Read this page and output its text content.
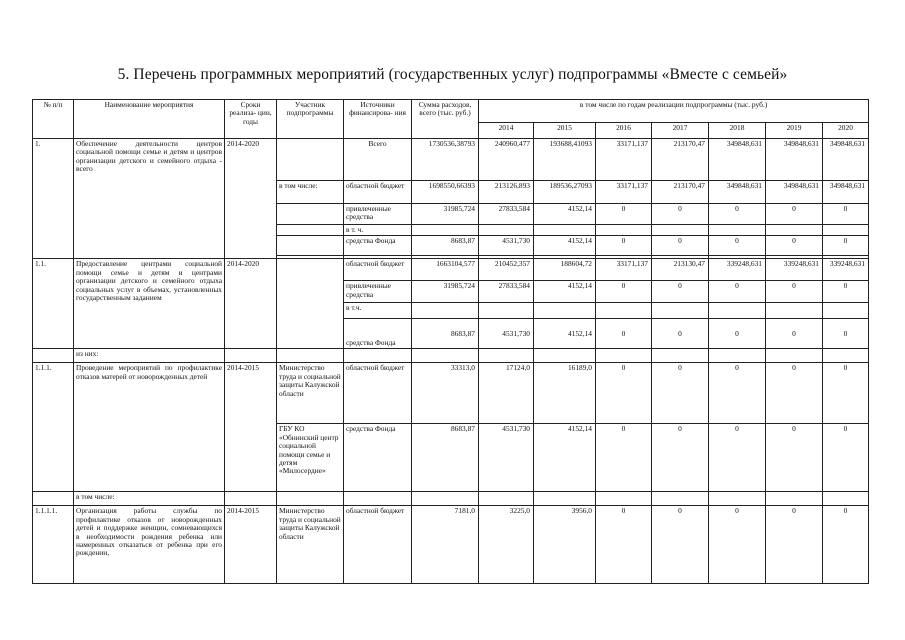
5. Перечень программных мероприятий (государственных услуг) подпрограммы «Вместе с семьей»
№ п/п	Наименование мероприятия	Сроки реализа- ции, годы	Участник подпрограммы	Источники финансирова- ния	Сумма расходов, всего (тыс. руб.)	в том числе по годам реализации подпрограммы (тыс. руб.)						
						2014	2015	2016	2017	2018	2019	2020
1.	Обеспечение деятельности центров социальной помощи семье и детям и центров организации детского и семейного отдыха - всего	2014-2020		Всего	1730536,38793	240960,477	193688,41093	33171,137	213170,47	349848,631	349848,631	349848,631
			в том числе:	областной бюджет	1698550,66393	213126,893	189536,27093	33171,137	213170,47	349848,631	349848,631	349848,631
				привлеченные средства	31985,724	27833,584	4152,14	0	0	0	0	0
				в т. ч.								
				средства Фонда	8683,87	4531,730	4152,14	0	0	0	0	0

1.1.	Предоставление центрами социальной помощи семье и детям и центрами организации детского и семейного отдыха социальных услуг в объемах, установленных государственным заданием	2014-2020		областной бюджет	1663104,577	210452,357	188604,72	33171,137	213130,47	339248,631	339248,631	339248,631
				привлеченные средства	31985,724	27833,584	4152,14	0	0	0	0	0
				в т.ч.								
				средства Фонда	8683,87	4531,730	4152,14	0	0	0	0	0
	из них:											
1.1.1.	Проведение мероприятий по профилактике отказов матерей от новорожденных детей	2014-2015	Министерство труда и социальной защиты Калужской области	областной бюджет	33313,0	17124,0	16189,0	0	0	0	0	0
			ГБУ КО «Обнинский центр социальной помощи семье и детям «Милосердие»	средства Фонда	8683,87	4531,730	4152,14	0	0	0	0	0
	в том числе:											
1.1.1.1.	Организация работы службы по профилактике отказов от новорожденных детей и поддержке женщин, сомневающихся в необходимости рождения ребенка или намеренных отказаться от ребенка при его рождении,	2014-2015	Министерство труда и социальной защиты Калужской области	областной бюджет	7181,0	3225,0	3956,0	0	0	0	0	0
